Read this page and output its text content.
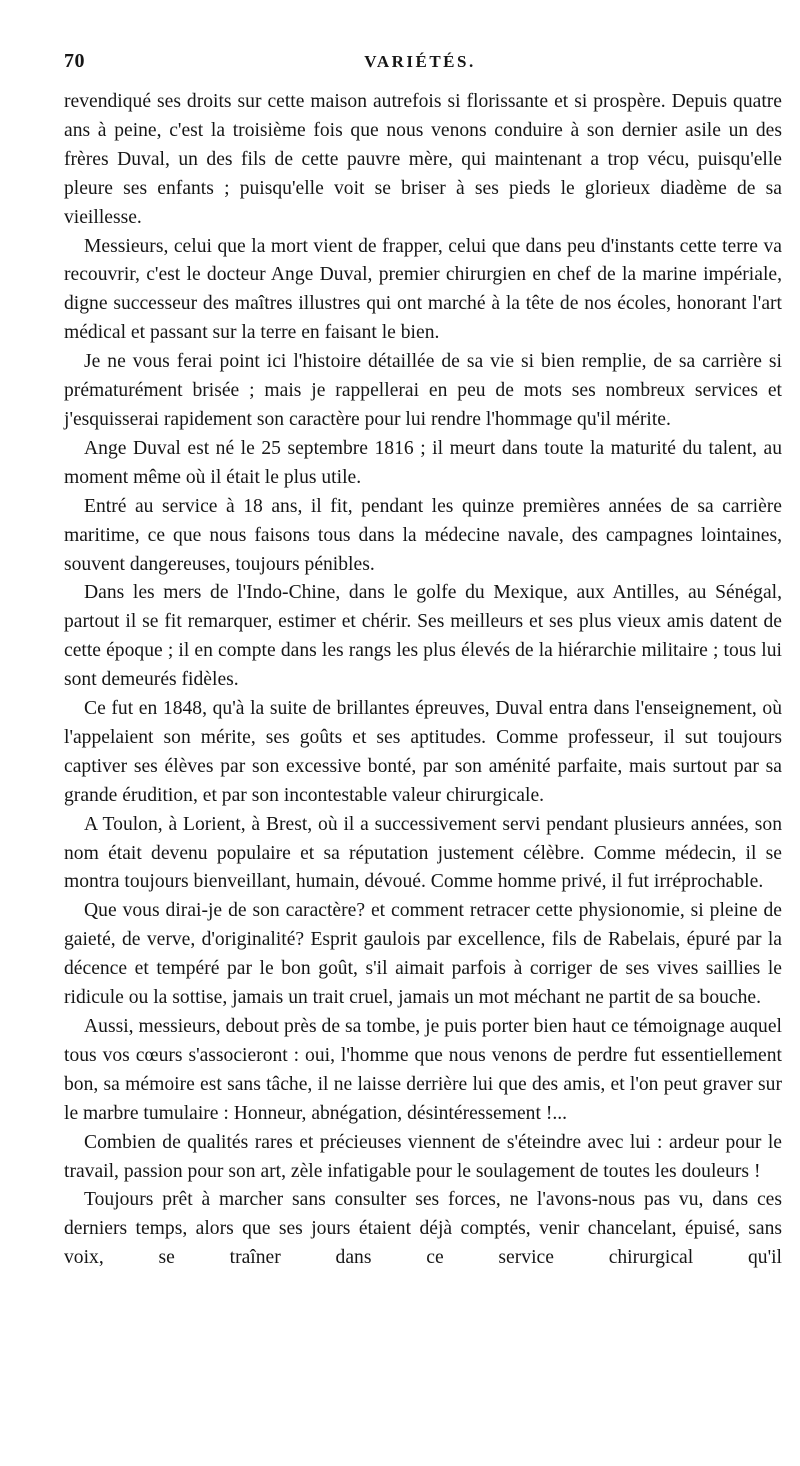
70	VARIÉTÉS.

revendiqué ses droits sur cette maison autrefois si florissante et si prospère. Depuis quatre ans à peine, c'est la troisième fois que nous venons conduire à son dernier asile un des frères Duval, un des fils de cette pauvre mère, qui maintenant a trop vécu, puisqu'elle pleure ses enfants ; puisqu'elle voit se briser à ses pieds le glorieux diadème de sa vieillesse.

Messieurs, celui que la mort vient de frapper, celui que dans peu d'instants cette terre va recouvrir, c'est le docteur Ange Duval, premier chirurgien en chef de la marine impériale, digne successeur des maîtres illustres qui ont marché à la tête de nos écoles, honorant l'art médical et passant sur la terre en faisant le bien.

Je ne vous ferai point ici l'histoire détaillée de sa vie si bien remplie, de sa carrière si prématurément brisée ; mais je rappellerai en peu de mots ses nombreux services et j'esquisserai rapidement son caractère pour lui rendre l'hommage qu'il mérite.

Ange Duval est né le 25 septembre 1816 ; il meurt dans toute la maturité du talent, au moment même où il était le plus utile.

Entré au service à 18 ans, il fit, pendant les quinze premières années de sa carrière maritime, ce que nous faisons tous dans la médecine navale, des campagnes lointaines, souvent dangereuses, toujours pénibles.

Dans les mers de l'Indo-Chine, dans le golfe du Mexique, aux Antilles, au Sénégal, partout il se fit remarquer, estimer et chérir. Ses meilleurs et ses plus vieux amis datent de cette époque ; il en compte dans les rangs les plus élevés de la hiérarchie militaire ; tous lui sont demeurés fidèles.

Ce fut en 1848, qu'à la suite de brillantes épreuves, Duval entra dans l'enseignement, où l'appelaient son mérite, ses goûts et ses aptitudes. Comme professeur, il sut toujours captiver ses élèves par son excessive bonté, par son aménité parfaite, mais surtout par sa grande érudition, et par son incontestable valeur chirurgicale.

A Toulon, à Lorient, à Brest, où il a successivement servi pendant plusieurs années, son nom était devenu populaire et sa réputation justement célèbre. Comme médecin, il se montra toujours bienveillant, humain, dévoué. Comme homme privé, il fut irréprochable.

Que vous dirai-je de son caractère? et comment retracer cette physionomie, si pleine de gaieté, de verve, d'originalité? Esprit gaulois par excellence, fils de Rabelais, épuré par la décence et tempéré par le bon goût, s'il aimait parfois à corriger de ses vives saillies le ridicule ou la sottise, jamais un trait cruel, jamais un mot méchant ne partit de sa bouche.

Aussi, messieurs, debout près de sa tombe, je puis porter bien haut ce témoignage auquel tous vos cœurs s'associeront : oui, l'homme que nous venons de perdre fut essentiellement bon, sa mémoire est sans tâche, il ne laisse derrière lui que des amis, et l'on peut graver sur le marbre tumulaire : Honneur, abnégation, désintéressement !...

Combien de qualités rares et précieuses viennent de s'éteindre avec lui : ardeur pour le travail, passion pour son art, zèle infatigable pour le soulagement de toutes les douleurs !

Toujours prêt à marcher sans consulter ses forces, ne l'avons-nous pas vu, dans ces derniers temps, alors que ses jours étaient déjà comptés, venir chancelant, épuisé, sans voix, se traîner dans ce service chirurgical qu'il
